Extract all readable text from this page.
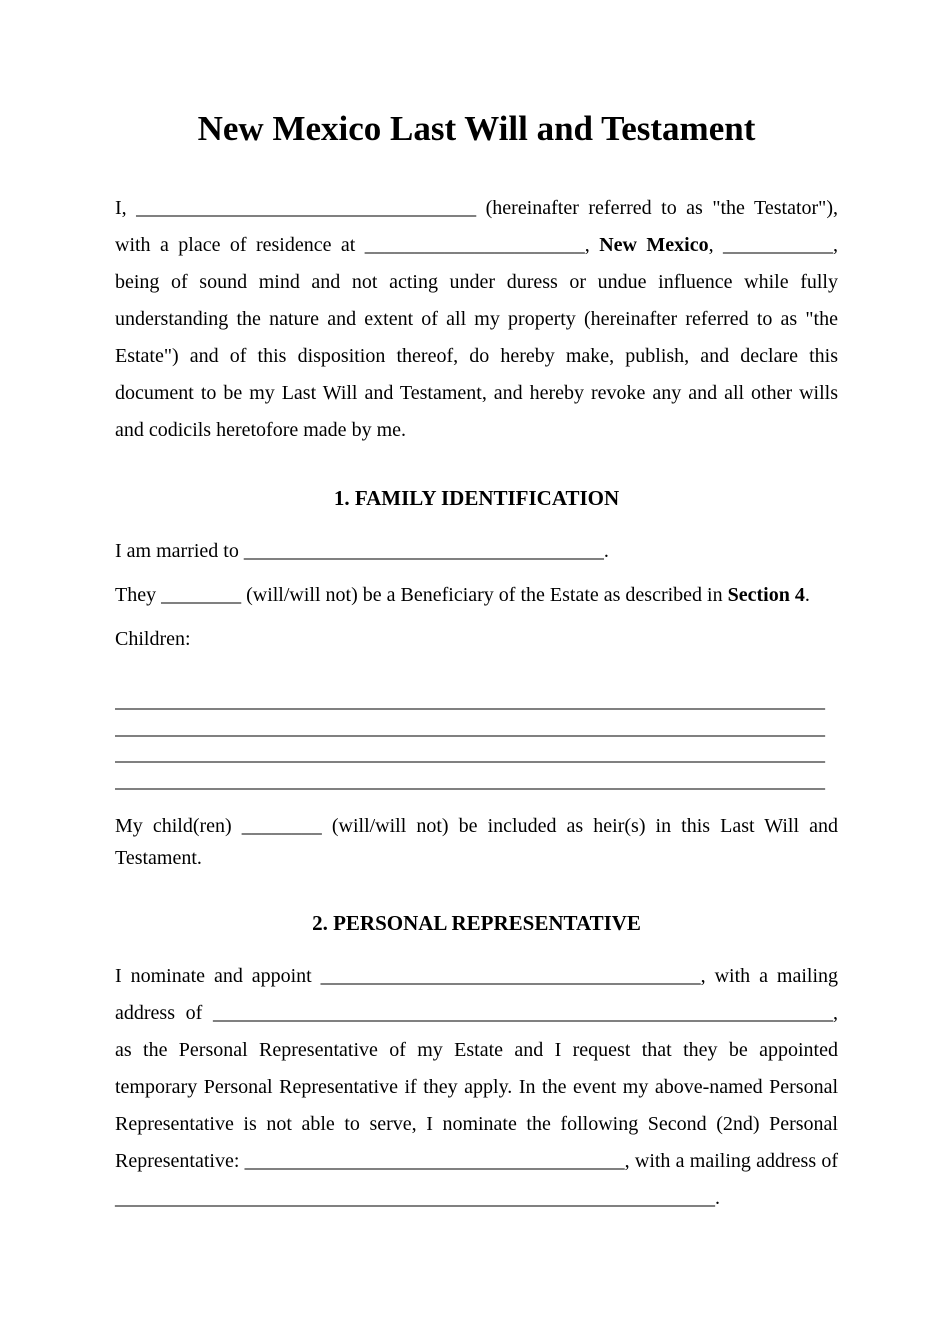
New Mexico Last Will and Testament

I, __________________________________ (hereinafter referred to as "the Testator"), with a place of residence at ______________________, New Mexico, ___________, being of sound mind and not acting under duress or undue influence while fully understanding the nature and extent of all my property (hereinafter referred to as "the Estate") and of this disposition thereof, do hereby make, publish, and declare this document to be my Last Will and Testament, and hereby revoke any and all other wills and codicils heretofore made by me.

1. FAMILY IDENTIFICATION

I am married to ____________________________________.

They ________ (will/will not) be a Beneficiary of the Estate as described in Section 4.

Children:

_______________________________________________________________________
_______________________________________________________________________
_______________________________________________________________________
_______________________________________________________________________

My child(ren) ________ (will/will not) be included as heir(s) in this Last Will and Testament.

2. PERSONAL REPRESENTATIVE

I nominate and appoint ______________________________________, with a mailing address of ______________________________________________________________, as the Personal Representative of my Estate and I request that they be appointed temporary Personal Representative if they apply. In the event my above-named Personal Representative is not able to serve, I nominate the following Second (2nd) Personal Representative: ______________________________________, with a mailing address of ____________________________________________________________.
